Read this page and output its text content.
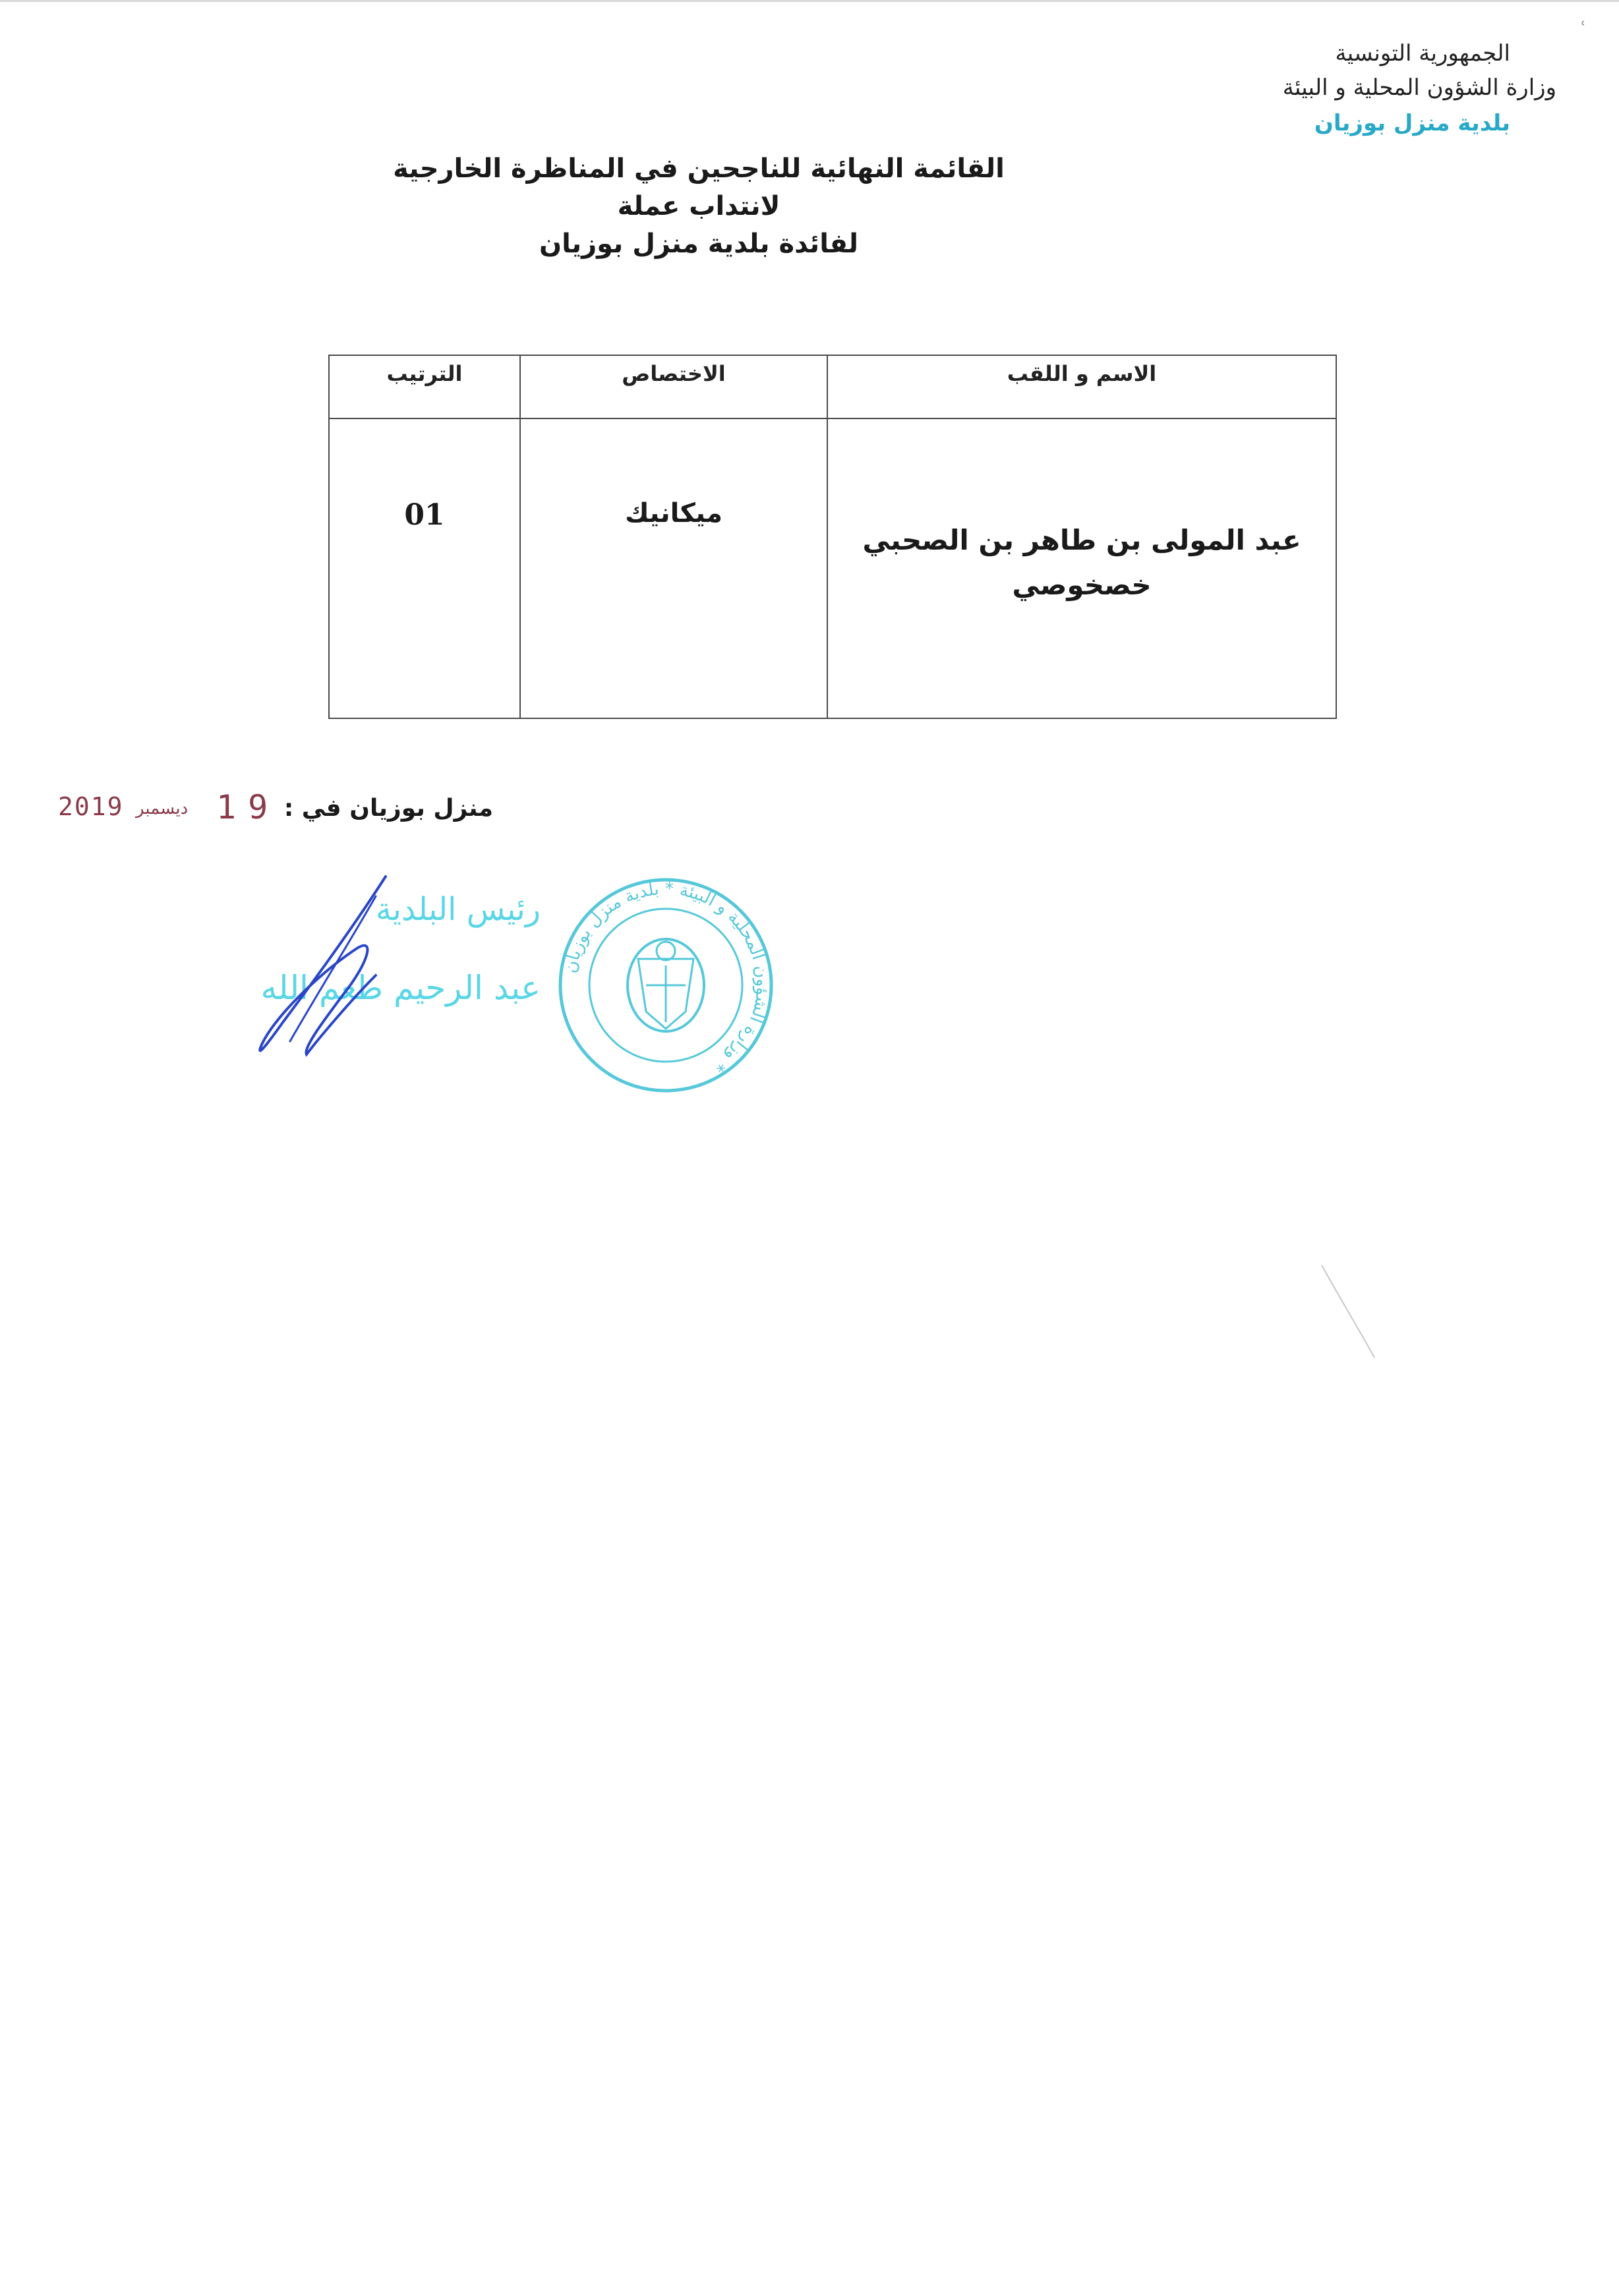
ʿ
الجمهورية التونسية
وزارة الشؤون المحلية و البيئة
بلدية منزل بوزيان
القائمة النهائية للناجحين في المناظرة الخارجية
لانتداب عملة
لفائدة بلدية منزل بوزيان
الاسم و اللقب	الاختصاص	الترتيب
عبد المولى بن طاهر بن الصحبي خصخوصي	ميكانيك	01
منزل بوزيان في :
19
ديسمبر
2019
رئيس البلدية
عبد الرحيم طعم الله
وزارة الشؤون المحلية و البيئة * بلدية منزل بوزيان *
